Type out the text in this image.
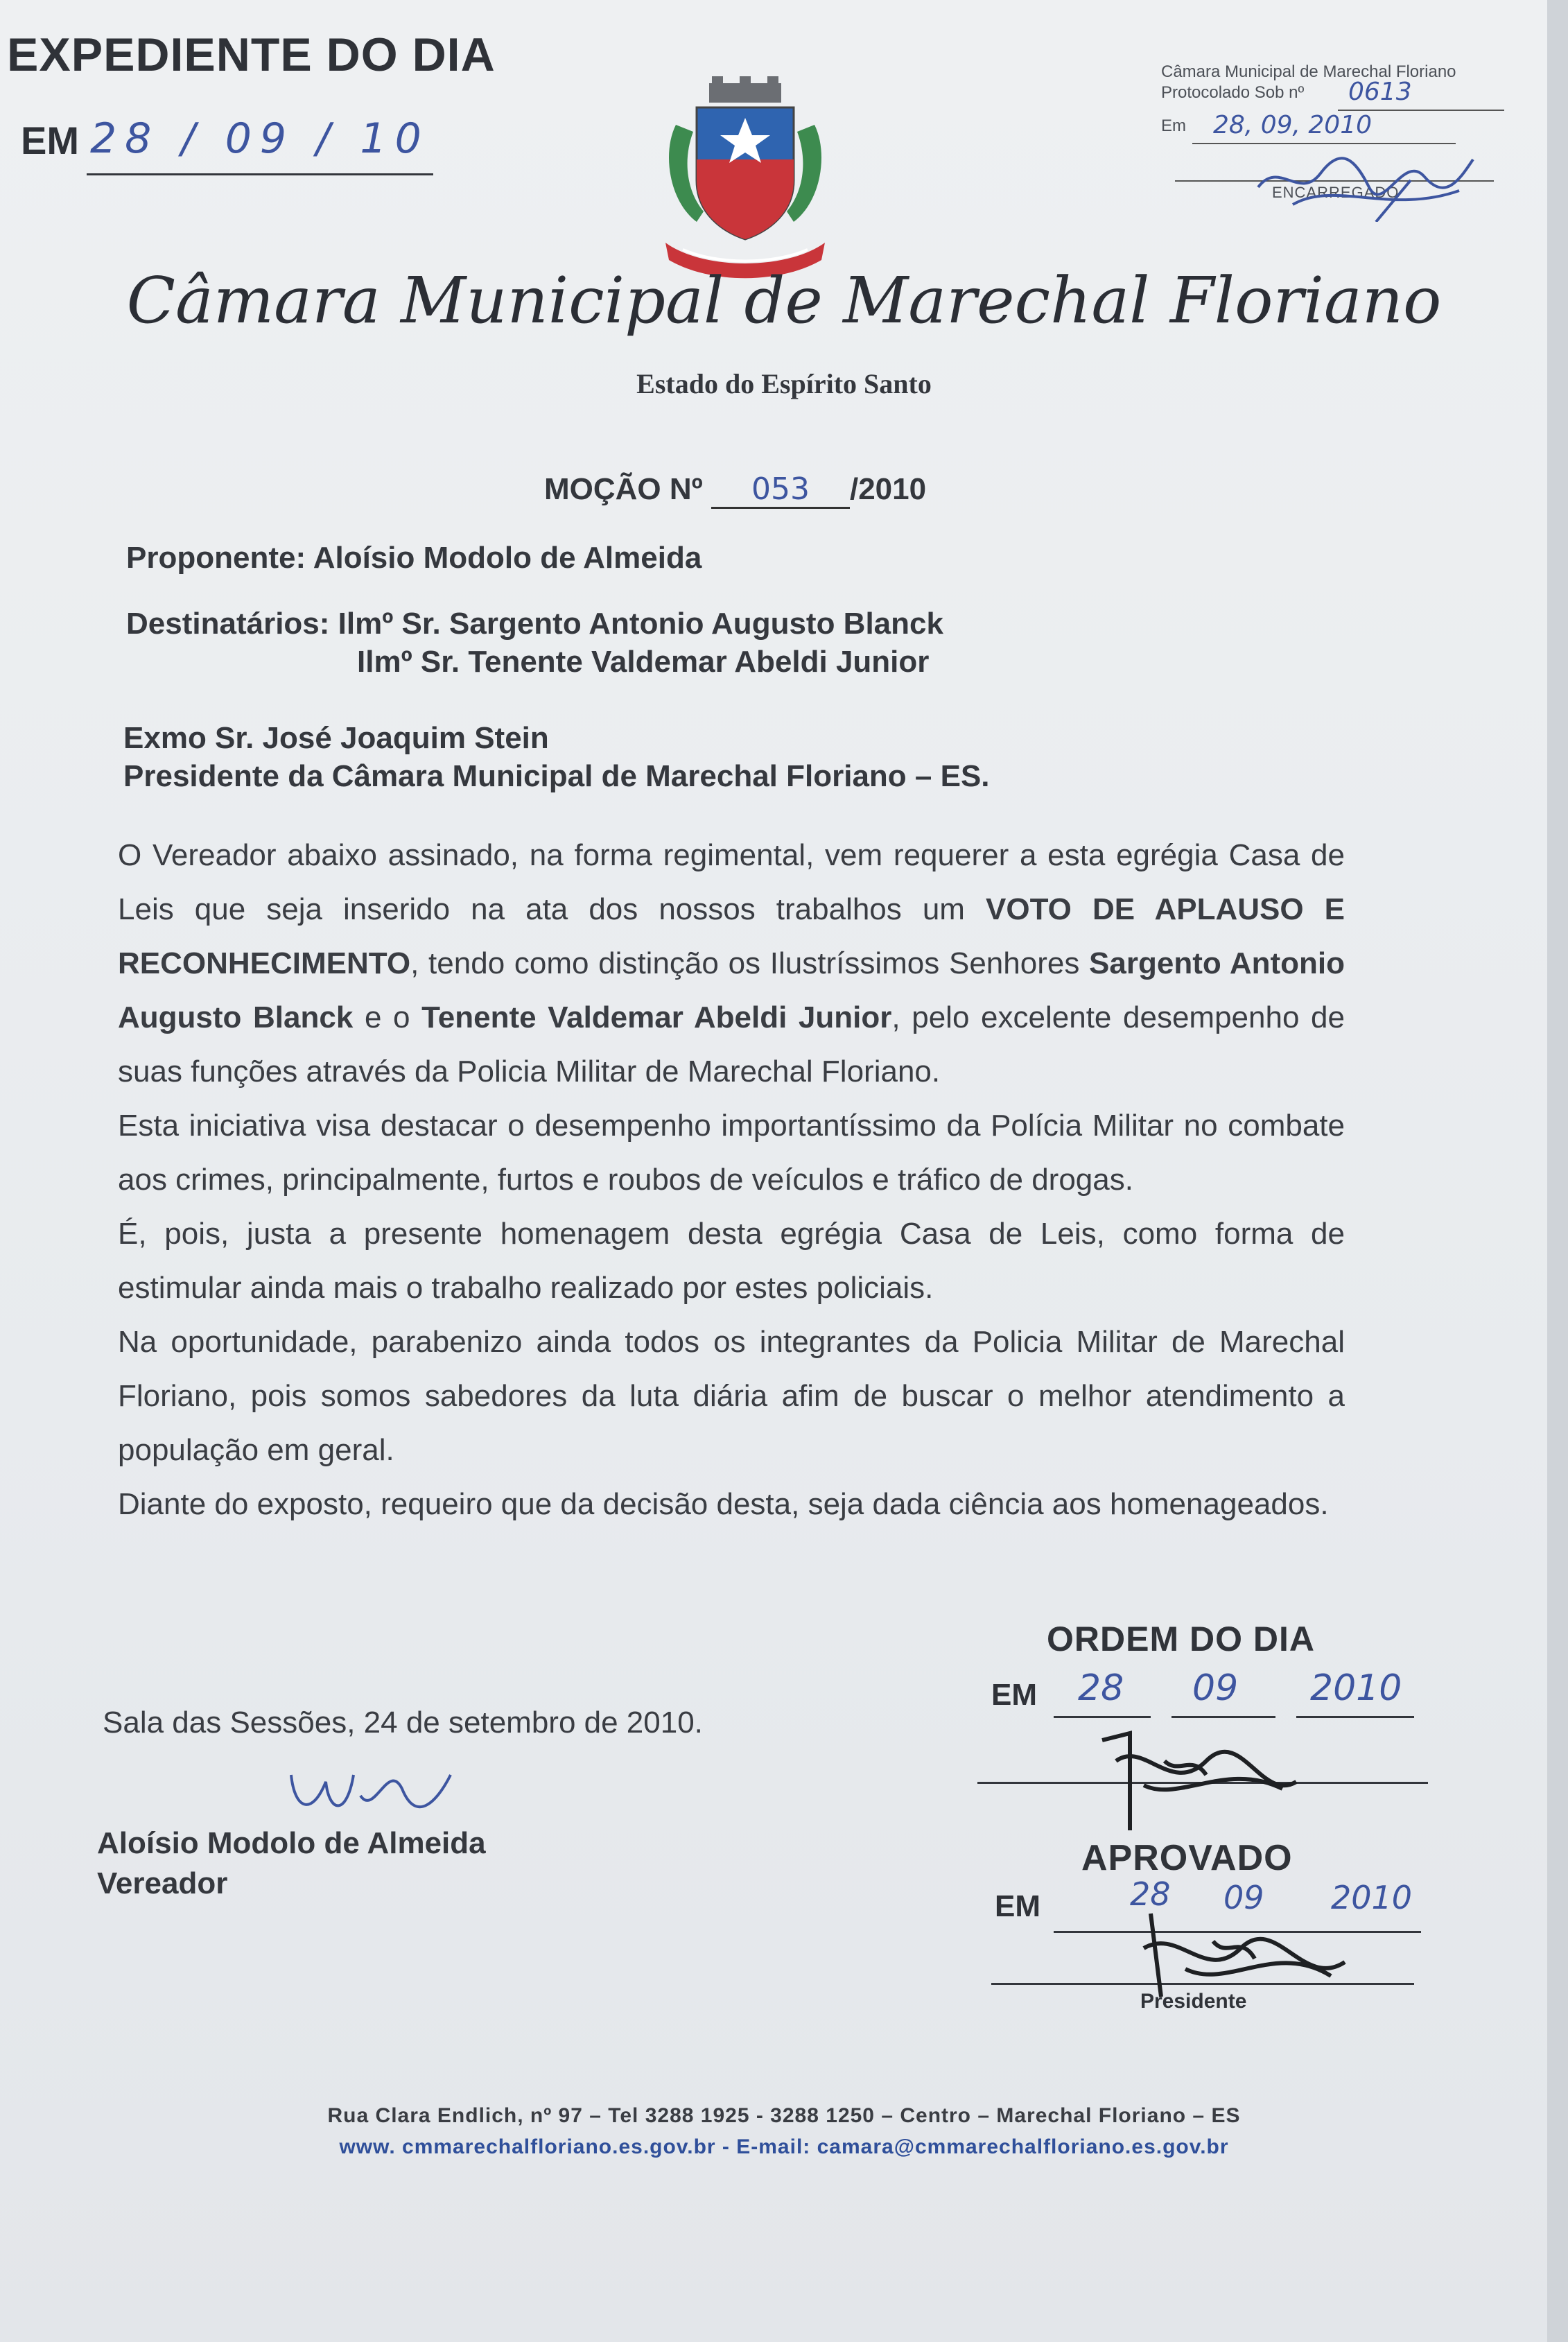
EXPEDIENTE DO DIA
EM 28 / 09 / 10
Câmara Municipal de Marechal Floriano
Protocolado Sob nº 0613
Em 28, 09, 2010
ENCARREGADO
Câmara Municipal de Marechal Floriano
Estado do Espírito Santo
MOÇÃO Nº 053 /2010
Proponente: Aloísio Modolo de Almeida
Destinatários: Ilmº Sr. Sargento Antonio Augusto Blanck
Ilmº Sr. Tenente Valdemar Abeldi Junior
Exmo Sr. José Joaquim Stein
Presidente da Câmara Municipal de Marechal Floriano – ES.

O Vereador abaixo assinado, na forma regimental, vem requerer a esta egrégia Casa de Leis que seja inserido na ata dos nossos trabalhos um VOTO DE APLAUSO E RECONHECIMENTO, tendo como distinção os Ilustríssimos Senhores Sargento Antonio Augusto Blanck e o Tenente Valdemar Abeldi Junior, pelo excelente desempenho de suas funções através da Policia Militar de Marechal Floriano.

Esta iniciativa visa destacar o desempenho importantíssimo da Polícia Militar no combate aos crimes, principalmente, furtos e roubos de veículos e tráfico de drogas.

É, pois, justa a presente homenagem desta egrégia Casa de Leis, como forma de estimular ainda mais o trabalho realizado por estes policiais.

Na oportunidade, parabenizo ainda todos os integrantes da Policia Militar de Marechal Floriano, pois somos sabedores da luta diária afim de buscar o melhor atendimento a população em geral.

Diante do exposto, requeiro que da decisão desta, seja dada ciência aos homenageados.

Sala das Sessões, 24 de setembro de 2010.
Aloísio Modolo de Almeida
Vereador
ORDEM DO DIA
EM 28 09 2010
APROVADO
EM	28 09 2010
Presidente
Rua Clara Endlich, nº 97 – Tel 3288 1925 - 3288 1250 – Centro – Marechal Floriano – ES
www. cmmarechalfloriano.es.gov.br - E-mail: camara@cmmarechalfloriano.es.gov.br
